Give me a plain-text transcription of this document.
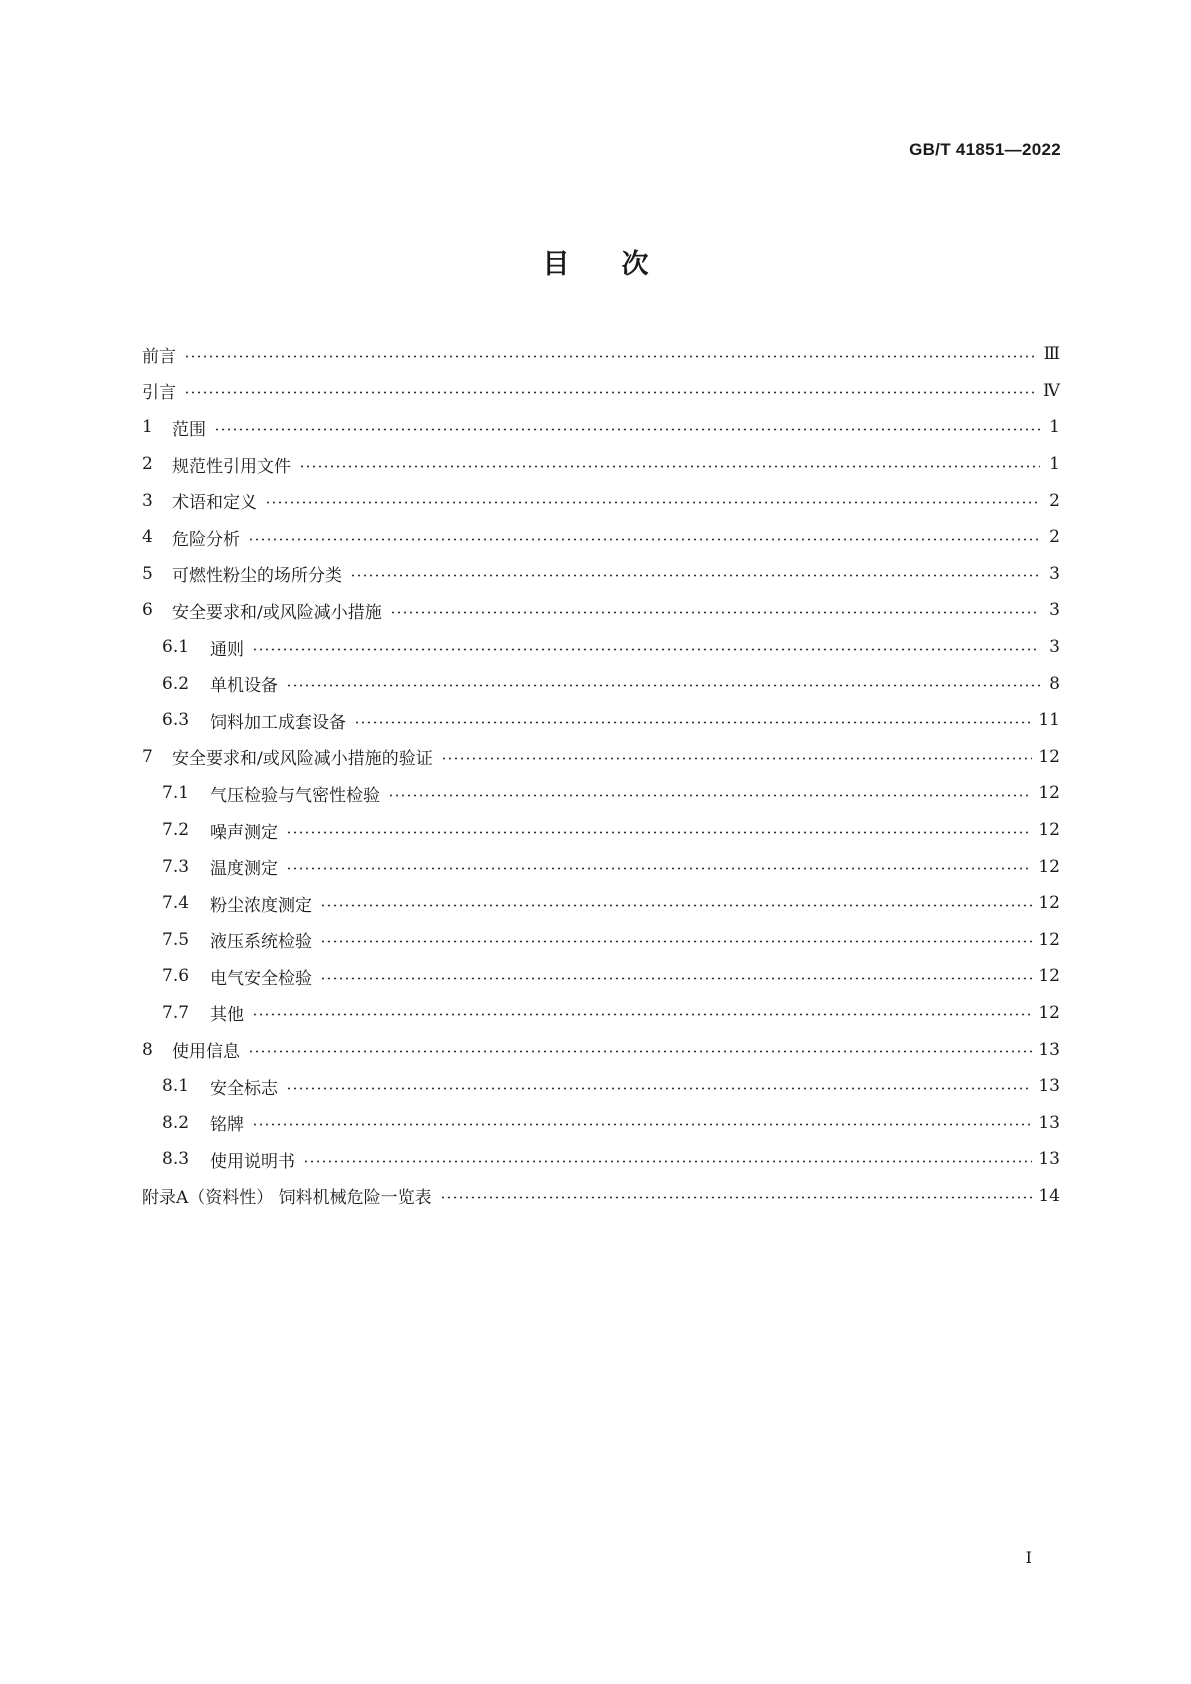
GB/T 41851—2022
目次
前言	Ⅲ
引言	Ⅳ
1	范围	1
2	规范性引用文件	1
3	术语和定义	2
4	危险分析	2
5	可燃性粉尘的场所分类	3
6	安全要求和/或风险减小措施	3
6.1	通则	3
6.2	单机设备	8
6.3	饲料加工成套设备	11
7	安全要求和/或风险减小措施的验证	12
7.1	气压检验与气密性检验	12
7.2	噪声测定	12
7.3	温度测定	12
7.4	粉尘浓度测定	12
7.5	液压系统检验	12
7.6	电气安全检验	12
7.7	其他	12
8	使用信息	13
8.1	安全标志	13
8.2	铭牌	13
8.3	使用说明书	13
附录A（资料性） 饲料机械危险一览表	14
Ⅰ
